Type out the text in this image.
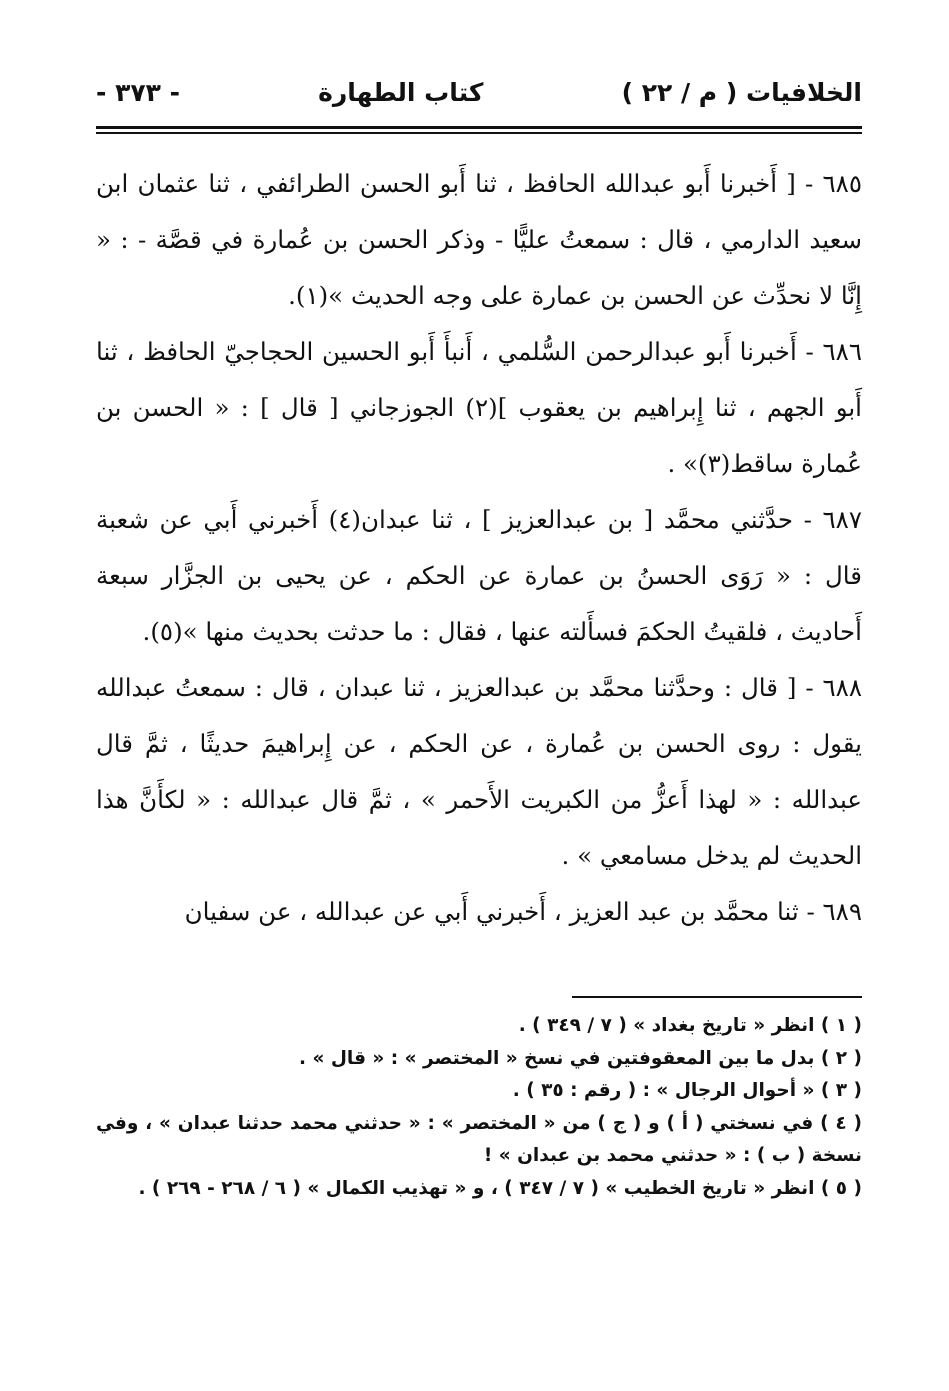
الخلافيات ( م / ٢٢ )
كتاب الطهارة
- ٣٧٣ -

٦٨٥ - [ أَخبرنا أَبو عبدالله الحافظ ، ثنا أَبو الحسن الطرائفي ، ثنا عثمان ابن سعيد الدارمي ، قال : سمعتُ عليًّا - وذكر الحسن بن عُمارة في قصَّة - : « إِنَّا لا نحدِّث عن الحسن بن عمارة على وجه الحديث »(١).

٦٨٦ - أَخبرنا أَبو عبدالرحمن السُّلمي ، أَنبأَ أَبو الحسين الحجاجيّ الحافظ ، ثنا أَبو الجهم ، ثنا إِبراهيم بن يعقوب ](٢) الجوزجاني [ قال ] : « الحسن بن عُمارة ساقط(٣)» .

٦٨٧ - حدَّثني محمَّد [ بن عبدالعزيز ] ، ثنا عبدان(٤) أَخبرني أَبي عن شعبة قال : « رَوَى الحسنُ بن عمارة عن الحكم ، عن يحيى بن الجزَّار سبعة أَحاديث ، فلقيتُ الحكمَ فسأَلته عنها ، فقال : ما حدثت بحديث منها »(٥).

٦٨٨ - [ قال : وحدَّثنا محمَّد بن عبدالعزيز ، ثنا عبدان ، قال : سمعتُ عبدالله يقول : روى الحسن بن عُمارة ، عن الحكم ، عن إِبراهيمَ حديثًا ، ثمَّ قال عبدالله : « لهذا أَعزُّ من الكبريت الأَحمر » ، ثمَّ قال عبدالله : « لكأَنَّ هذا الحديث لم يدخل مسامعي » .

٦٨٩ - ثنا محمَّد بن عبد العزيز ، أَخبرني أَبي عن عبدالله ، عن سفيان

( ١ ) انظر « تاريخ بغداد » ( ٧ / ٣٤٩ ) .

( ٢ ) بدل ما بين المعقوفتين في نسخ « المختصر » : « قال » .

( ٣ ) « أحوال الرجال » : ( رقم : ٣٥ ) .

( ٤ ) في نسختي ( أ ) و ( ج ) من « المختصر » : « حدثني محمد حدثنا عبدان » ، وفي نسخة ( ب ) : « حدثني محمد بن عبدان » !

( ٥ ) انظر « تاريخ الخطيب » ( ٧ / ٣٤٧ ) ، و « تهذيب الكمال » ( ٦ / ٢٦٨ - ٢٦٩ ) .
